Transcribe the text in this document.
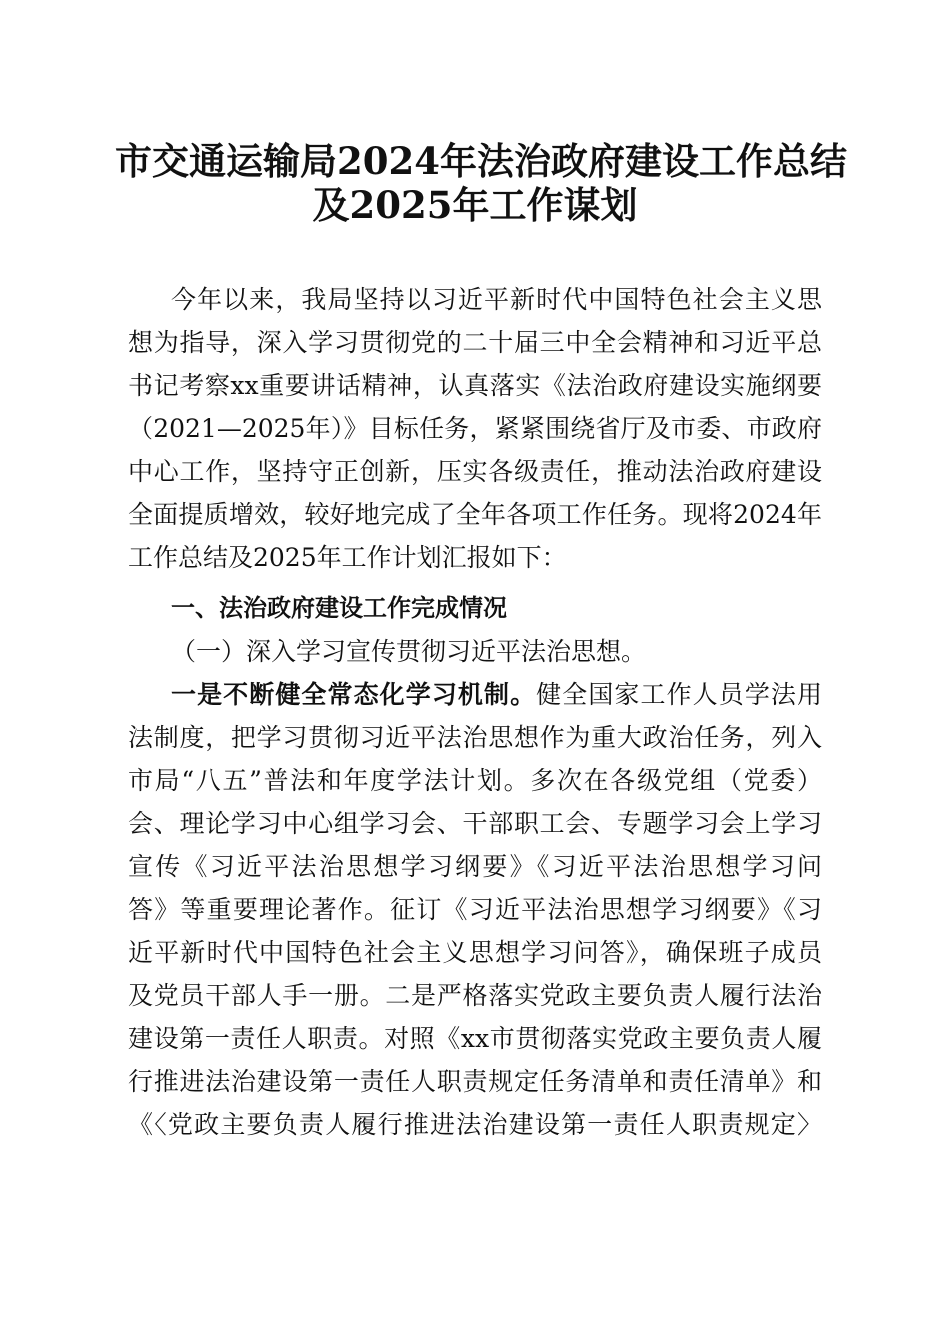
市交通运输局2024年法治政府建设工作总结
及2025年工作谋划
今年以来，我局坚持以习近平新时代中国特色社会主义思
想为指导，深入学习贯彻党的二十届三中全会精神和习近平总
书记考察xx重要讲话精神，认真落实《法治政府建设实施纲要
（2021—2025年）》目标任务，紧紧围绕省厅及市委、市政府
中心工作，坚持守正创新，压实各级责任，推动法治政府建设
全面提质增效，较好地完成了全年各项工作任务。现将2024年
工作总结及2025年工作计划汇报如下：
一、法治政府建设工作完成情况
（一）深入学习宣传贯彻习近平法治思想。
一是不断健全常态化学习机制。健全国家工作人员学法用
法制度，把学习贯彻习近平法治思想作为重大政治任务，列入
市局“八五”普法和年度学法计划。多次在各级党组（党委）
会、理论学习中心组学习会、干部职工会、专题学习会上学习
宣传《习近平法治思想学习纲要》《习近平法治思想学习问
答》等重要理论著作。征订《习近平法治思想学习纲要》《习
近平新时代中国特色社会主义思想学习问答》，确保班子成员
及党员干部人手一册。二是严格落实党政主要负责人履行法治
建设第一责任人职责。对照《xx市贯彻落实党政主要负责人履
行推进法治建设第一责任人职责规定任务清单和责任清单》和
《〈党政主要负责人履行推进法治建设第一责任人职责规定〉
